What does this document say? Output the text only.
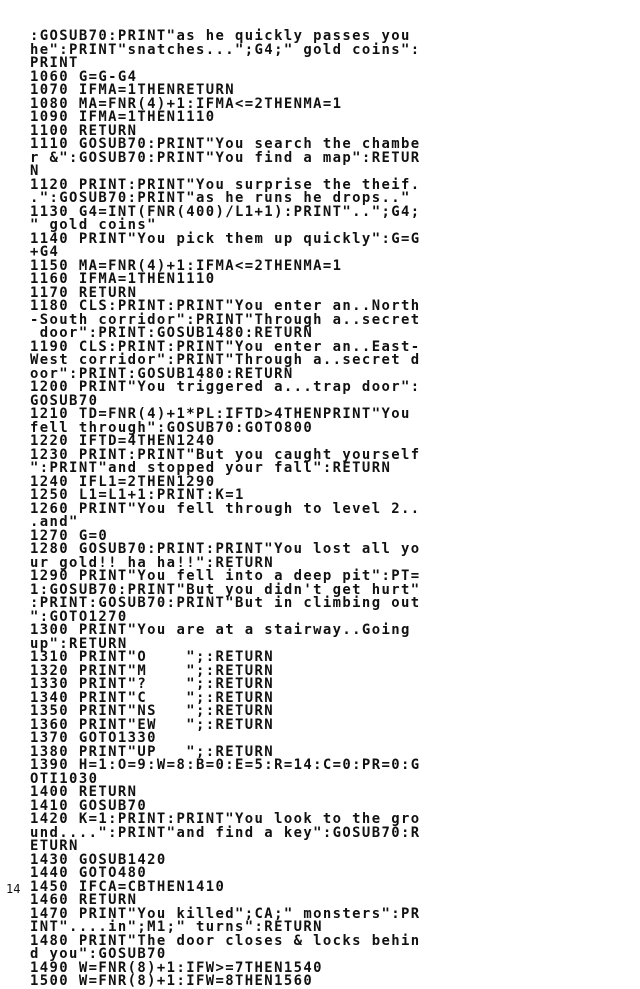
:GOSUB70:PRINT"as he quickly passes you
he":PRINT"snatches...";G4;" gold coins":
PRINT
1060 G=G-G4
1070 IFMA=1THENRETURN
1080 MA=FNR(4)+1:IFMA<=2THENMA=1
1090 IFMA=1THEN1110
1100 RETURN
1110 GOSUB70:PRINT"You search the chambe
r &":GOSUB70:PRINT"You find a map":RETUR
N
1120 PRINT:PRINT"You surprise the theif.
.":GOSUB70:PRINT"as he runs he drops.."
1130 G4=INT(FNR(400)/L1+1):PRINT"..";G4;
" gold coins"
1140 PRINT"You pick them up quickly":G=G
+G4
1150 MA=FNR(4)+1:IFMA<=2THENMA=1
1160 IFMA=1THEN1110
1170 RETURN
1180 CLS:PRINT:PRINT"You enter an..North
-South corridor":PRINT"Through a..secret
door":PRINT:GOSUB1480:RETURN
1190 CLS:PRINT:PRINT"You enter an..East-
West corridor":PRINT"Through a..secret d
oor":PRINT:GOSUB1480:RETURN
1200 PRINT"You triggered a...trap door":
GOSUB70
1210 TD=FNR(4)+1*PL:IFTD>4THENPRINT"You
fell through":GOSUB70:GOTO800
1220 IFTD=4THEN1240
1230 PRINT:PRINT"But you caught yourself
":PRINT"and stopped your fall":RETURN
1240 IFL1=2THEN1290
1250 L1=L1+1:PRINT:K=1
1260 PRINT"You fell through to level 2..
.and"
1270 G=0
1280 GOSUB70:PRINT:PRINT"You lost all yo
ur gold!! ha ha!!":RETURN
1290 PRINT"You fell into a deep pit":PT=
1:GOSUB70:PRINT"But you didn't get hurt"
:PRINT:GOSUB70:PRINT"But in climbing out
":GOTO1270
1300 PRINT"You are at a stairway..Going
up":RETURN
1310 PRINT"O    ";:RETURN
1320 PRINT"M    ";:RETURN
1330 PRINT"?    ";:RETURN
1340 PRINT"C    ";:RETURN
1350 PRINT"NS   ";:RETURN
1360 PRINT"EW   ";:RETURN
1370 GOTO1330
1380 PRINT"UP   ";:RETURN
1390 H=1:O=9:W=8:B=0:E=5:R=14:C=0:PR=0:G
OTI1030
1400 RETURN
1410 GOSUB70
1420 K=1:PRINT:PRINT"You look to the gro
und....":PRINT"and find a key":GOSUB70:R
ETURN
1430 GOSUB1420
1440 GOTO480
1450 IFCA=CBTHEN1410
1460 RETURN
1470 PRINT"You killed";CA;" monsters":PR
INT"....in";M1;" turns":RETURN
1480 PRINT"The door closes & locks behin
d you":GOSUB70
1490 W=FNR(8)+1:IFW>=7THEN1540
1500 W=FNR(8)+1:IFW=8THEN1560
14
